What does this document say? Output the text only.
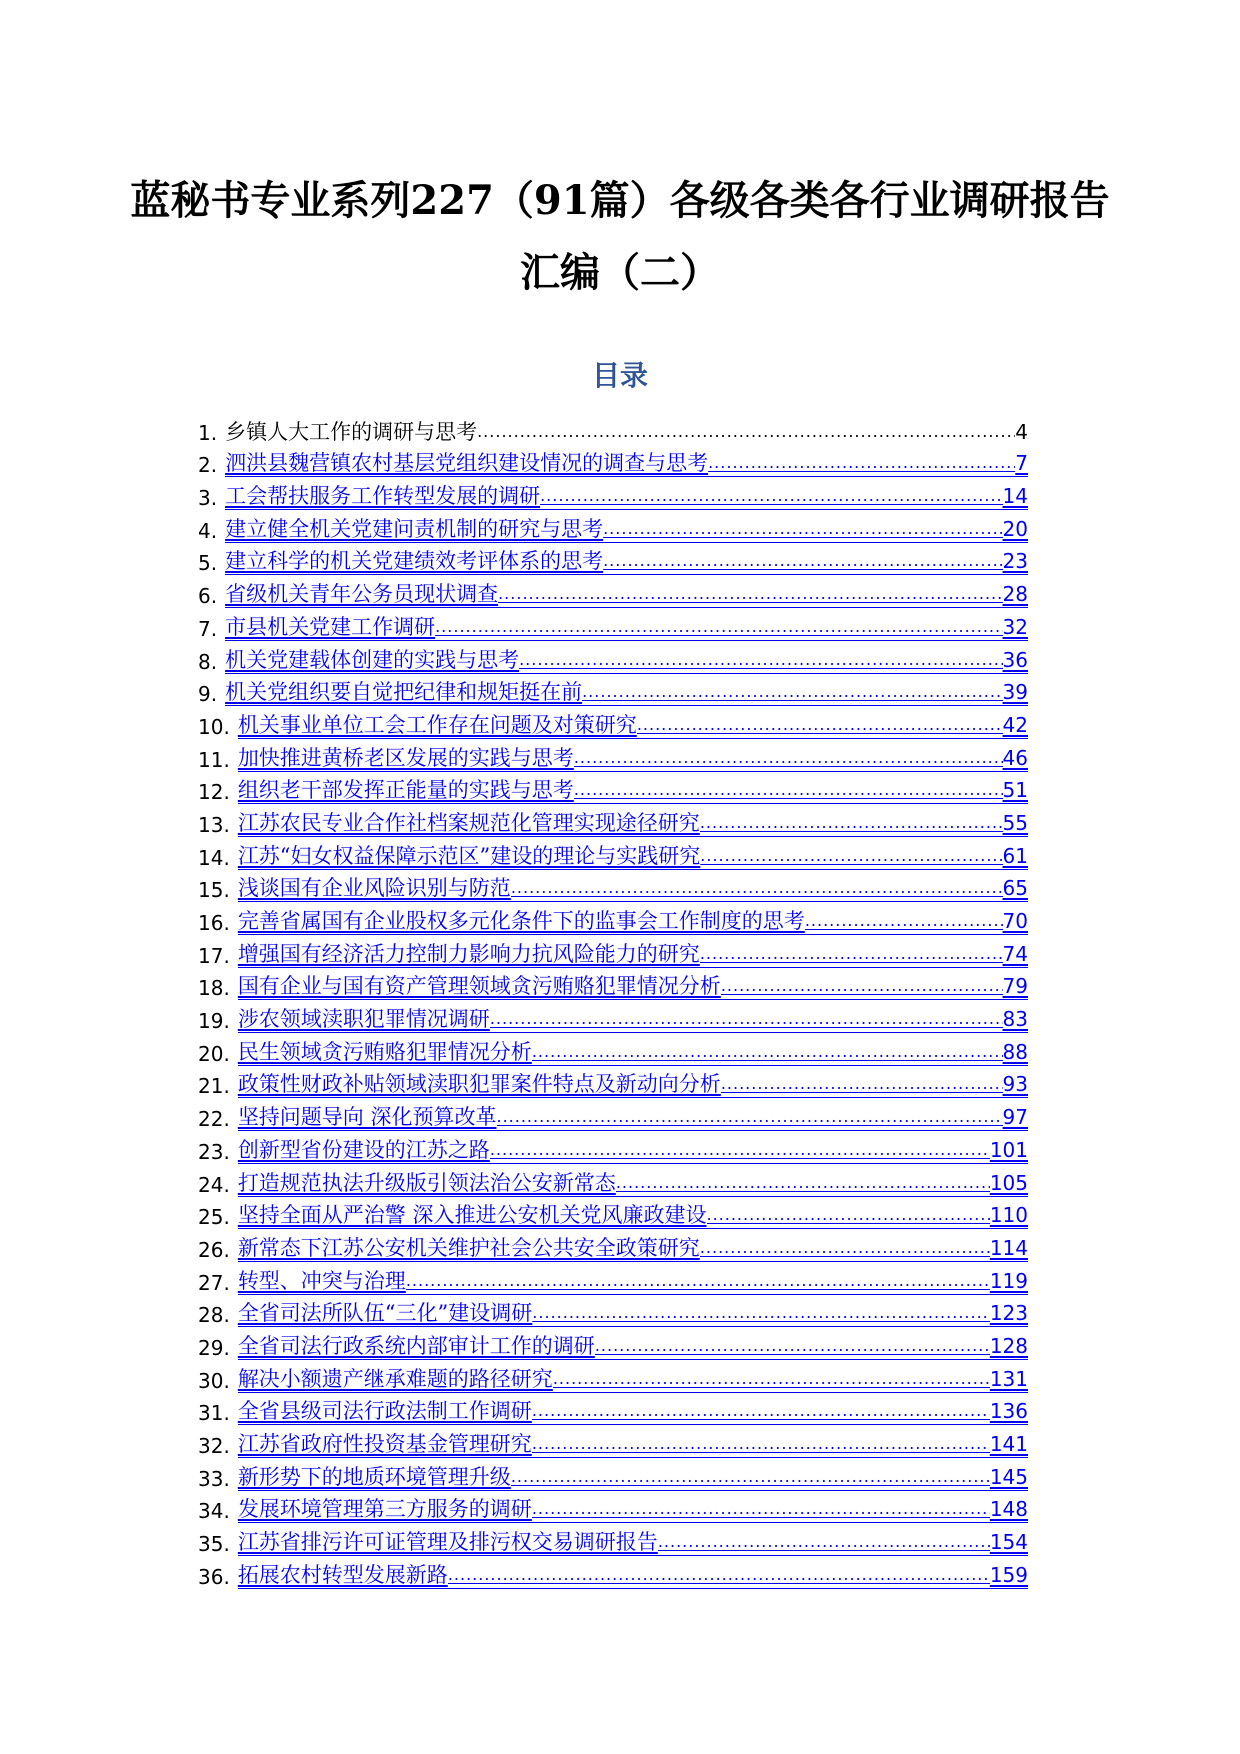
蓝秘书专业系列227（91篇）各级各类各行业调研报告
汇编（二）
目录
1. 乡镇人大工作的调研与思考 .....	4
2. 泗洪县魏营镇农村基层党组织建设情况的调查与思考 .....	7
3. 工会帮扶服务工作转型发展的调研 .....	14
4. 建立健全机关党建问责机制的研究与思考 .....	20
5. 建立科学的机关党建绩效考评体系的思考 .....	23
6. 省级机关青年公务员现状调查 .....	28
7. 市县机关党建工作调研 .....	32
8. 机关党建载体创建的实践与思考 .....	36
9. 机关党组织要自觉把纪律和规矩挺在前 .....	39
10. 机关事业单位工会工作存在问题及对策研究 .....	42
11. 加快推进黄桥老区发展的实践与思考 .....	46
12. 组织老干部发挥正能量的实践与思考 .....	51
13. 江苏农民专业合作社档案规范化管理实现途径研究 .....	55
14. 江苏“妇女权益保障示范区”建设的理论与实践研究 .....	61
15. 浅谈国有企业风险识别与防范 .....	65
16. 完善省属国有企业股权多元化条件下的监事会工作制度的思考 .....	70
17. 增强国有经济活力控制力影响力抗风险能力的研究 .....	74
18. 国有企业与国有资产管理领域贪污贿赂犯罪情况分析 .....	79
19. 涉农领域渎职犯罪情况调研 .....	83
20. 民生领域贪污贿赂犯罪情况分析 .....	88
21. 政策性财政补贴领域渎职犯罪案件特点及新动向分析 .....	93
22. 坚持问题导向 深化预算改革 .....	97
23. 创新型省份建设的江苏之路 .....	101
24. 打造规范执法升级版引领法治公安新常态 .....	105
25. 坚持全面从严治警 深入推进公安机关党风廉政建设 .....	110
26. 新常态下江苏公安机关维护社会公共安全政策研究 .....	114
27. 转型、冲突与治理 .....	119
28. 全省司法所队伍“三化”建设调研 .....	123
29. 全省司法行政系统内部审计工作的调研 .....	128
30. 解决小额遗产继承难题的路径研究 .....	131
31. 全省县级司法行政法制工作调研 .....	136
32. 江苏省政府性投资基金管理研究 .....	141
33. 新形势下的地质环境管理升级 .....	145
34. 发展环境管理第三方服务的调研 .....	148
35. 江苏省排污许可证管理及排污权交易调研报告 .....	154
36. 拓展农村转型发展新路 .....	159
